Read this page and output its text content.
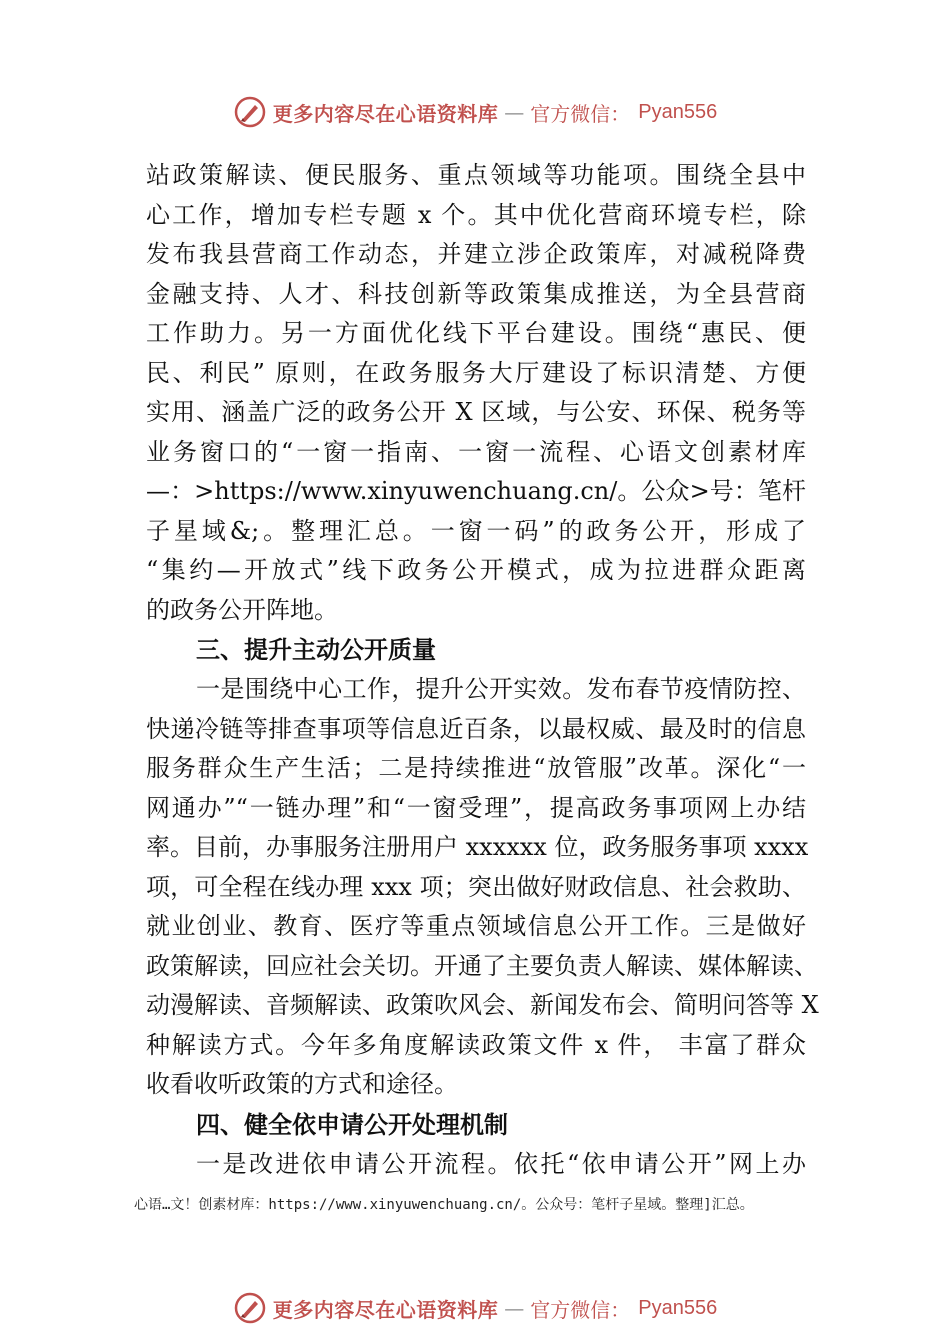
更多内容尽在心语资料库 — 官方微信： Pyan556
站政策解读、便民服务、重点领域等功能项。围绕全县中
心工作，增加专栏专题 x 个。其中优化营商环境专栏，除
发布我县营商工作动态，并建立涉企政策库，对减税降费
金融支持、人才、科技创新等政策集成推送，为全县营商
工作助力。另一方面优化线下平台建设。围绕“惠民、便
民、利民” 原则，在政务服务大厅建设了标识清楚、方便
实用、涵盖广泛的政务公开 X 区域，与公安、环保、税务等
业务窗口的“一窗一指南、一窗一流程、心语文创素材库
—：>https://www.xinyuwenchuang.cn/。公众>号：笔杆
子星域&;。整理汇总。一窗一码”的政务公开，形成了
“集约—开放式”线下政务公开模式，成为拉进群众距离
的政务公开阵地。
三、提升主动公开质量
一是围绕中心工作，提升公开实效。发布春节疫情防控、
快递冷链等排查事项等信息近百条，以最权威、最及时的信息
服务群众生产生活；二是持续推进“放管服”改革。深化“一
网通办”“一链办理”和“一窗受理”，提高政务事项网上办结
率。目前，办事服务注册用户 xxxxxx 位，政务服务事项 xxxx
项，可全程在线办理 xxx 项；突出做好财政信息、社会救助、
就业创业、教育、医疗等重点领域信息公开工作。三是做好
政策解读，回应社会关切。开通了主要负责人解读、媒体解读、
动漫解读、音频解读、政策吹风会、新闻发布会、简明问答等 X
种解读方式。今年多角度解读政策文件 x 件， 丰富了群众
收看收听政策的方式和途径。
四、健全依申请公开处理机制
一是改进依申请公开流程。依托“依申请公开”网上办
心语…文！创素材库：https://www.xinyuwenchuang.cn/。公众号：笔杆子星域。整理]汇总。
更多内容尽在心语资料库 — 官方微信： Pyan556
